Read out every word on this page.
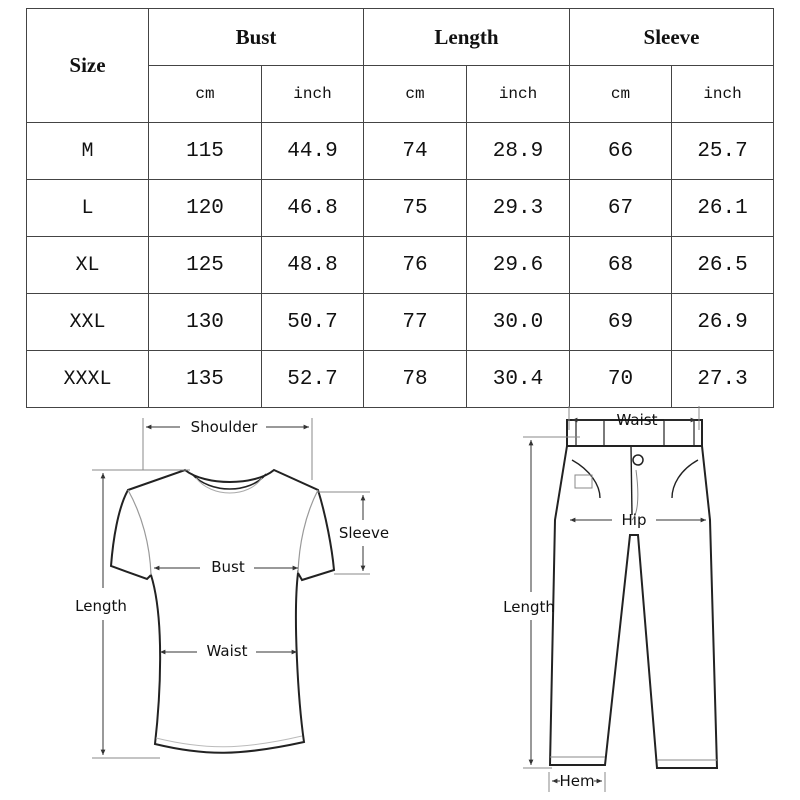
Size	Bust		Length		Sleeve	
	cm	inch	cm	inch	cm	inch
M	115	44.9	74	28.9	66	25.7
L	120	46.8	75	29.3	67	26.1
XL	125	48.8	76	29.6	68	26.5
XXL	130	50.7	77	30.0	69	26.9
XXXL	135	52.7	78	30.4	70	27.3
Shoulder
Sleeve
Bust
Length
Waist
Waist
Hip
Length
Hem
